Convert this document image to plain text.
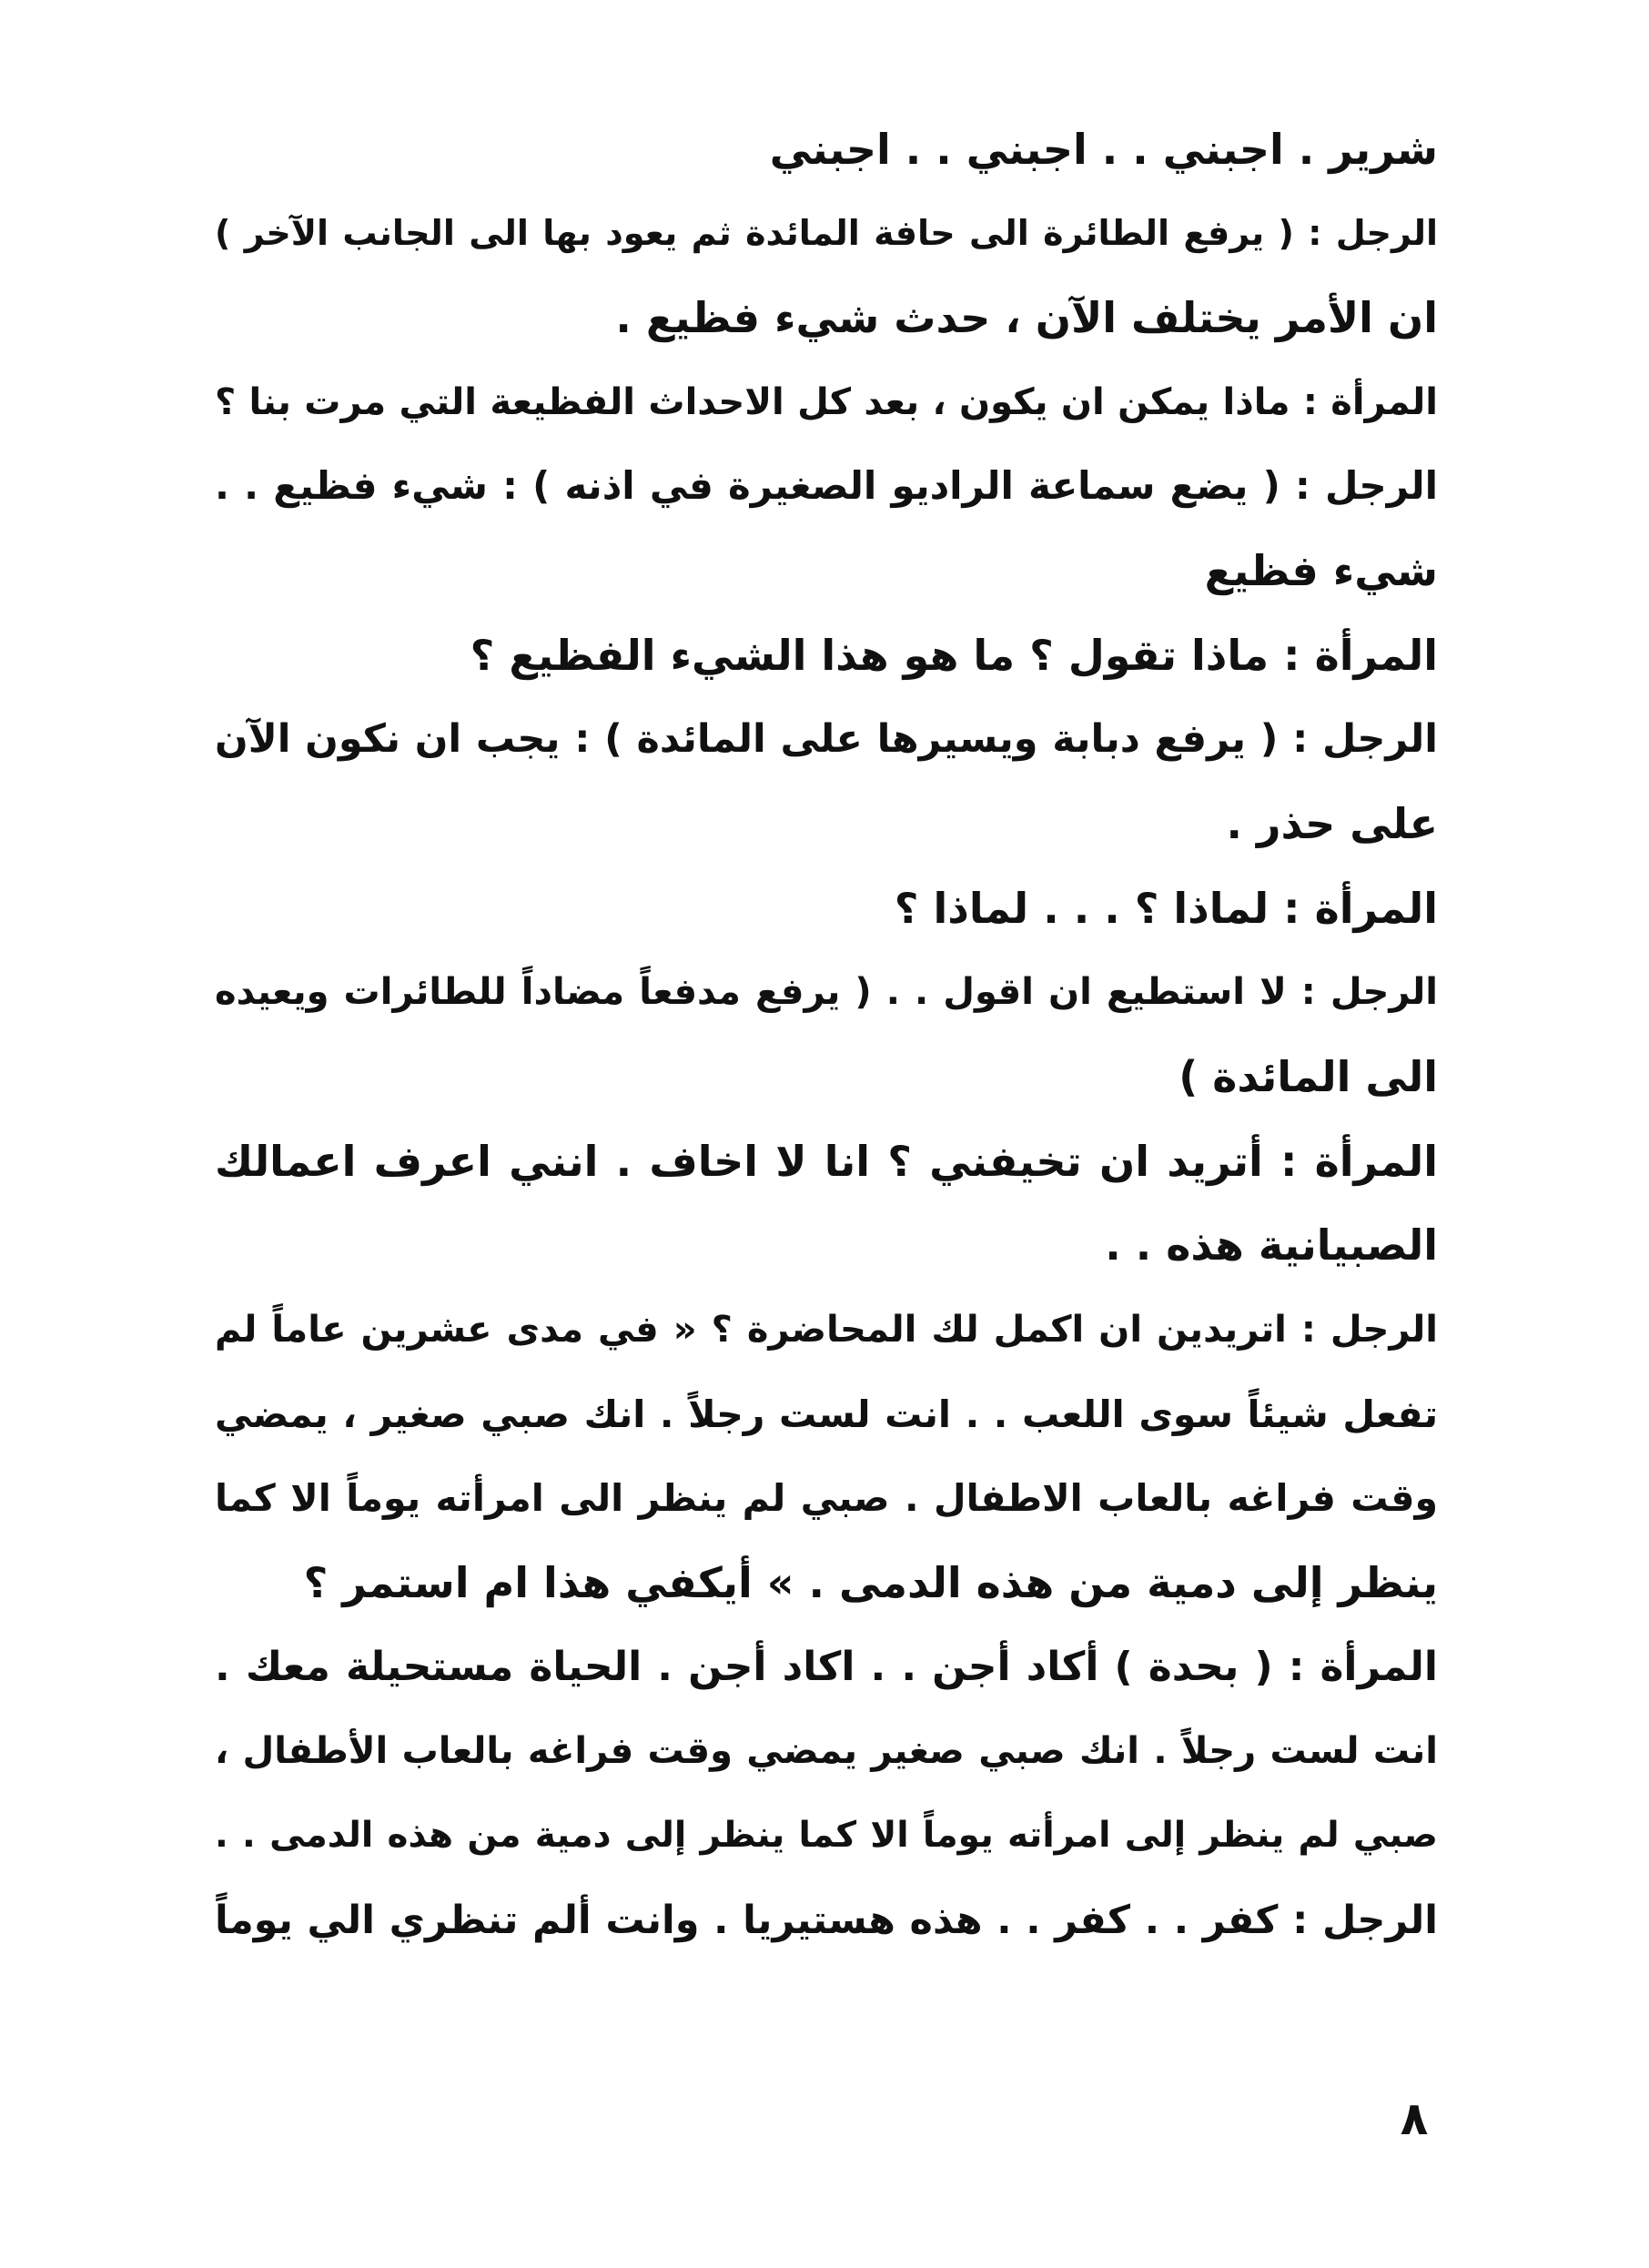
شرير . اجبني . . اجبني . . اجبني
الرجل : ( يرفع الطائرة الى حافة المائدة ثم يعود بها الى الجانب الآخر )
ان الأمر يختلف الآن ، حدث شيء فظيع .
المرأة : ماذا يمكن ان يكون ، بعد كل الاحداث الفظيعة التي مرت بنا ؟
الرجل : ( يضع سماعة الراديو الصغيرة في اذنه ) : شيء فظيع . .
شيء فظيع
المرأة : ماذا تقول ؟ ما هو هذا الشيء الفظيع ؟
الرجل : ( يرفع دبابة ويسيرها على المائدة ) : يجب ان نكون الآن
على حذر .
المرأة : لماذا ؟ . . . لماذا ؟
الرجل : لا استطيع ان اقول . . ( يرفع مدفعاً مضاداً للطائرات ويعيده
الى المائدة )
المرأة : أتريد ان تخيفني ؟ انا لا اخاف . انني اعرف اعمالك
الصبيانية هذه . .
الرجل : اتريدين ان اكمل لك المحاضرة ؟ « في مدى عشرين عاماً لم
تفعل شيئاً سوى اللعب . . انت لست رجلاً . انك صبي صغير ، يمضي
وقت فراغه بالعاب الاطفال . صبي لم ينظر الى امرأته يوماً الا كما
ينظر إلى دمية من هذه الدمى . » أيكفي هذا ام استمر ؟
المرأة : ( بحدة ) أكاد أجن . . اكاد أجن . الحياة مستحيلة معك .
انت لست رجلاً . انك صبي صغير يمضي وقت فراغه بالعاب الأطفال ،
صبي لم ينظر إلى امرأته يوماً الا كما ينظر إلى دمية من هذه الدمى . .
الرجل : كفر . . كفر . . هذه هستيريا . وانت ألم تنظري الي يوماً
٨
